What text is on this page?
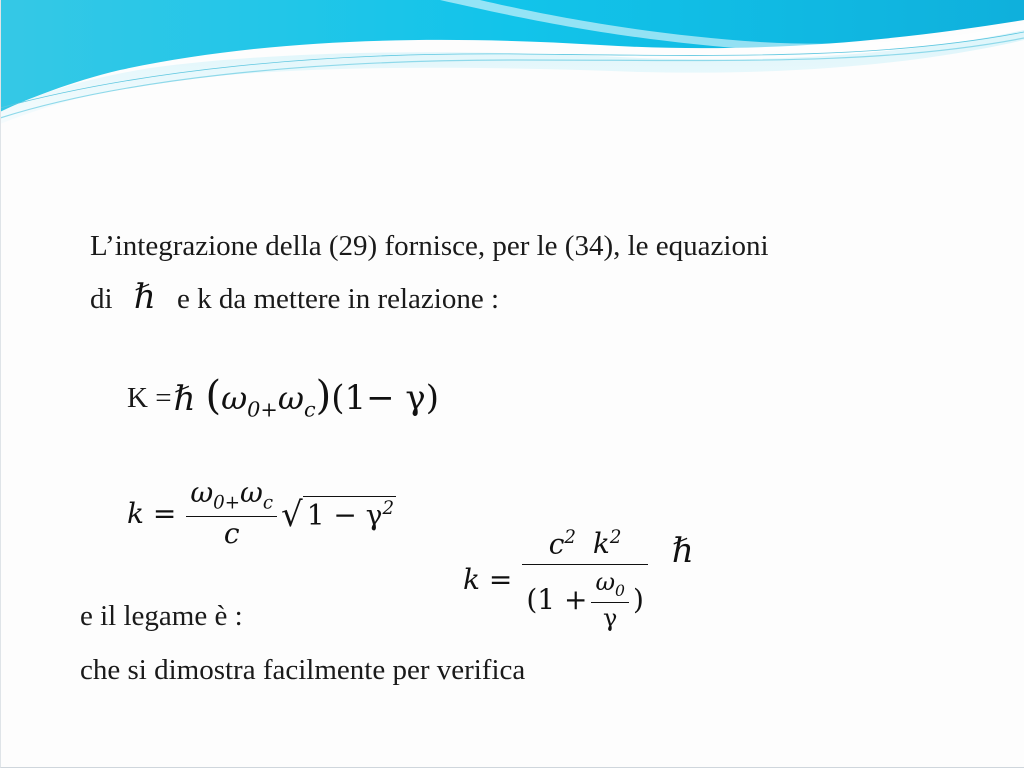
L’integrazione della (29) fornisce, per le (34), le equazioni
di ℏ e k da mettere in relazione :
K = ℏ $(\omega_{0+}\omega_c)(1- \gamma)$
$k = \frac{\omega_{0+}\omega_c}{c}$ √ $1 - \gamma^2$
k =
$c^2$ $k^2$
($1 + \frac{\omega_0}{\gamma}$ )
ℏ
e il legame è :
che si dimostra facilmente per verifica
